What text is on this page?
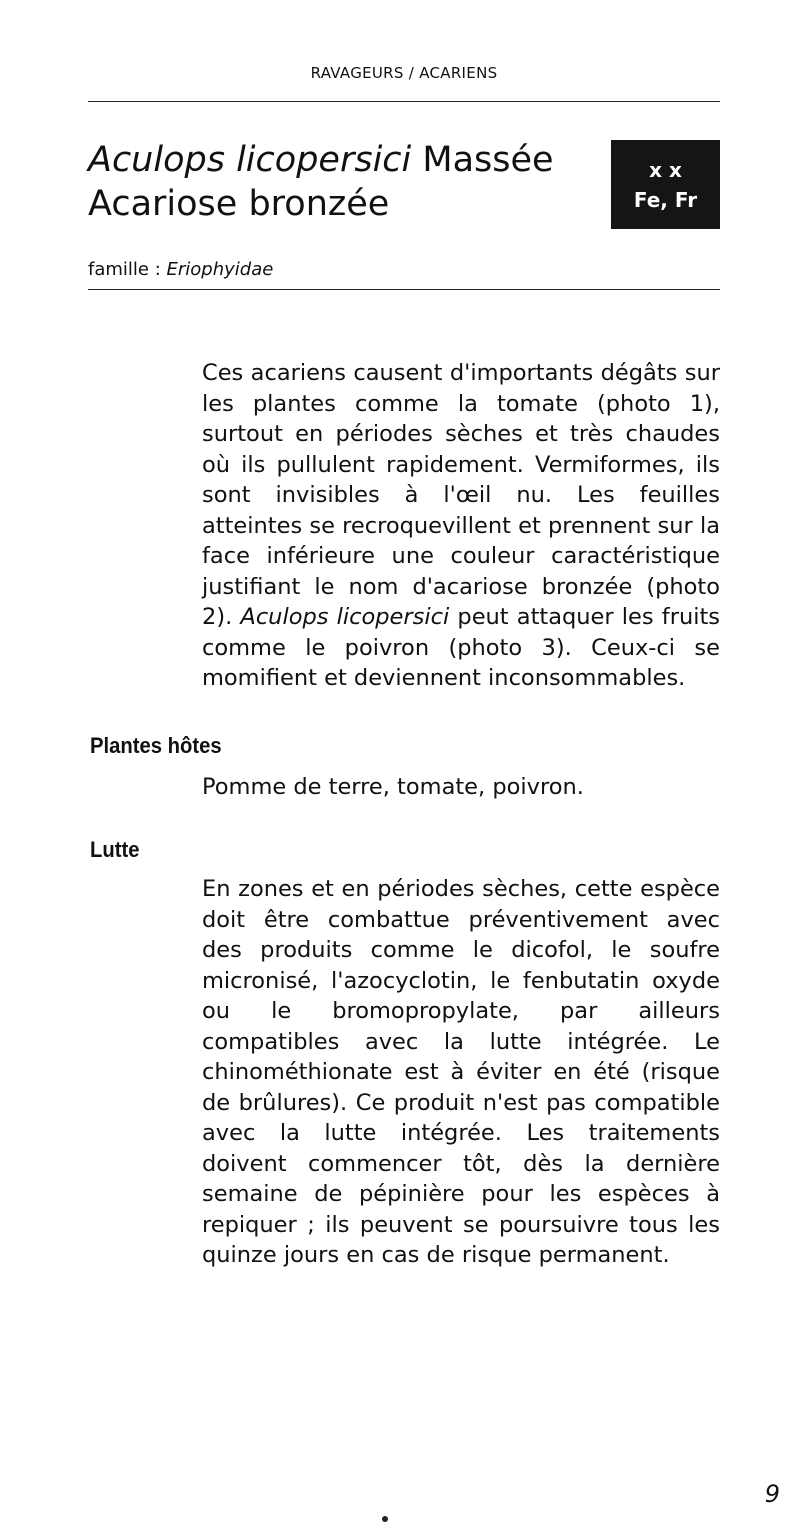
RAVAGEURS / ACARIENS
Aculops licopersici Massée
Acariose bronzée
x x
Fe, Fr
famille : Eriophyidae

Ces acariens causent d'importants dégâts sur les plantes comme la tomate (photo 1), surtout en périodes sèches et très chaudes où ils pullulent rapidement. Vermiformes, ils sont invisibles à l'œil nu. Les feuilles atteintes se recroquevillent et prennent sur la face inférieure une couleur caractéristique justifiant le nom d'acariose bronzée (photo 2). Aculops licopersici peut attaquer les fruits comme le poivron (photo 3). Ceux-ci se momifient et deviennent inconsommables.

Plantes hôtes

Pomme de terre, tomate, poivron.

Lutte

En zones et en périodes sèches, cette espèce doit être combattue préventivement avec des produits comme le dicofol, le soufre micronisé, l'azocyclotin, le fenbutatin oxyde ou le bromopropylate, par ailleurs compatibles avec la lutte intégrée. Le chinométhionate est à éviter en été (risque de brûlures). Ce produit n'est pas compatible avec la lutte intégrée. Les traitements doivent commencer tôt, dès la dernière semaine de pépinière pour les espèces à repiquer ; ils peuvent se poursuivre tous les quinze jours en cas de risque permanent.

9
